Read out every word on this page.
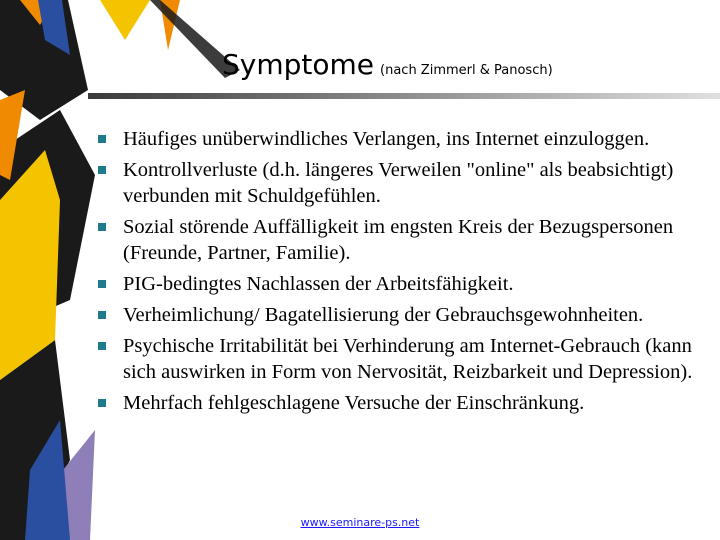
Symptome (nach Zimmerl & Panosch)
Häufiges unüberwindliches Verlangen, ins Internet einzuloggen.
Kontrollverluste (d.h. längeres Verweilen "online" als beabsichtigt) verbunden mit Schuldgefühlen.
Sozial störende Auffälligkeit im engsten Kreis der Bezugspersonen (Freunde, Partner, Familie).
PIG-bedingtes Nachlassen der Arbeitsfähigkeit.
Verheimlichung/ Bagatellisierung der Gebrauchsgewohnheiten.
Psychische Irritabilität bei Verhinderung am Internet-Gebrauch (kann sich auswirken in Form von Nervosität, Reizbarkeit und Depression).
Mehrfach fehlgeschlagene Versuche der Einschränkung.
www.seminare-ps.net
